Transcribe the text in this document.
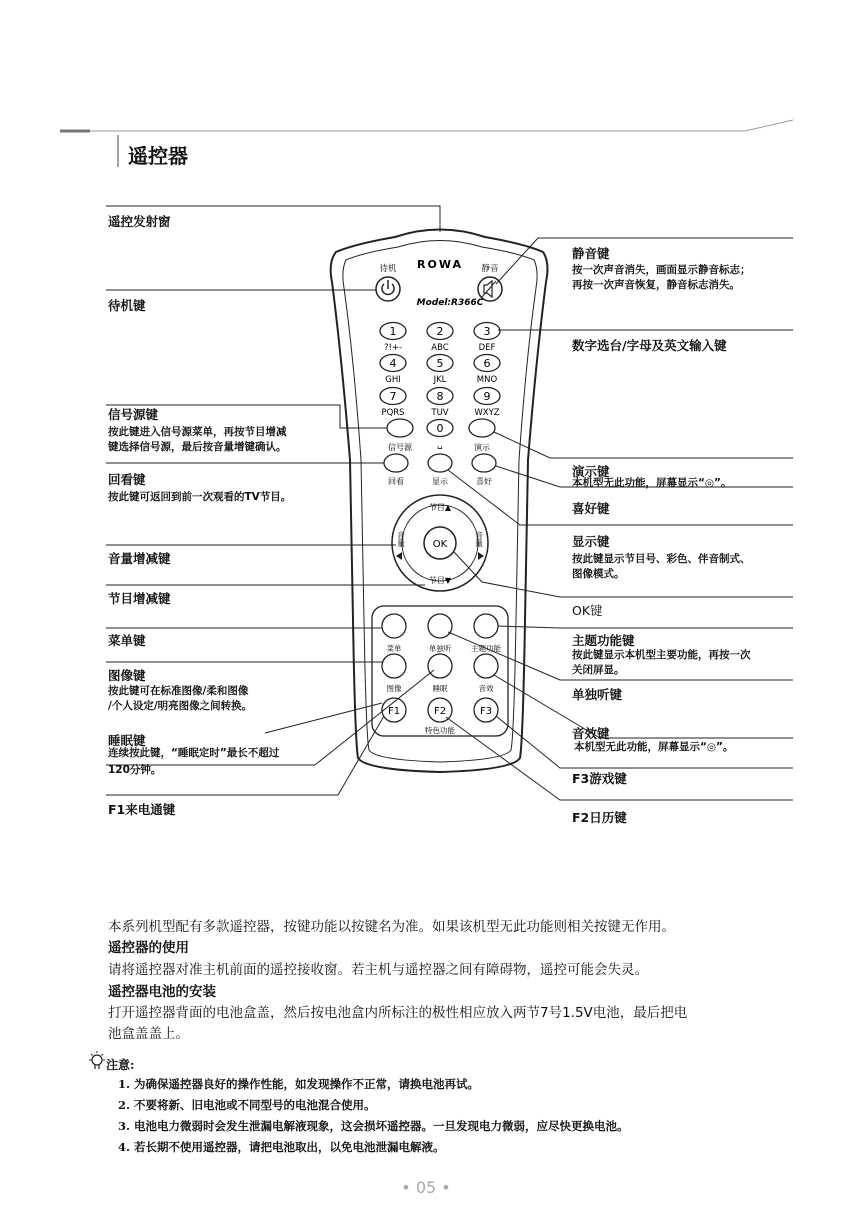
遥控器
ROWA
Model:R366C
待机	静音
1
?!+-
2
ABC
3
DEF
4
GHI
5
JKL
6
MNO
7
PQRS
8
TUV
9
WXYZ
0
␣
信号源	演示
回看	显示	喜好
OK
节目▲
节目▼
音量	音量
菜单	单独听	主题功能
图像	睡眠	音效
F1	F2	F3
特色功能
遥控发射窗
待机键
信号源键
按此键进入信号源菜单，再按节目增减
键选择信号源，最后按音量增键确认。
回看键
按此键可返回到前一次观看的TV节目。
音量增减键
节目增减键
菜单键
图像键
按此键可在标准图像/柔和图像
/个人设定/明亮图像之间转换。
睡眠键
连续按此键，“睡眠定时”最长不超过
120分钟。
F1来电通键
静音键
按一次声音消失，画面显示静音标志；
再按一次声音恢复，静音标志消失。
数字选台/字母及英文输入键
演示键
本机型无此功能，屏幕显示“◎”。
喜好键
显示键
按此键显示节目号、彩色、伴音制式、
图像模式。
OK键
主题功能键
按此键显示本机型主要功能，再按一次
关闭屏显。
单独听键
音效键
本机型无此功能，屏幕显示“◎”。
F3游戏键
F2日历键
本系列机型配有多款遥控器，按键功能以按键名为准。如果该机型无此功能则相关按键无作用。
遥控器的使用
请将遥控器对准主机前面的遥控接收窗。若主机与遥控器之间有障碍物，遥控可能会失灵。
遥控器电池的安装
打开遥控器背面的电池盒盖，然后按电池盒内所标注的极性相应放入两节7号1.5V电池，最后把电
池盒盖盖上。
注意:
1. 为确保遥控器良好的操作性能，如发现操作不正常，请换电池再试。
2. 不要将新、旧电池或不同型号的电池混合使用。
3. 电池电力微弱时会发生泄漏电解液现象，这会损坏遥控器。一旦发现电力微弱，应尽快更换电池。
4. 若长期不使用遥控器，请把电池取出，以免电池泄漏电解液。
• 05 •
